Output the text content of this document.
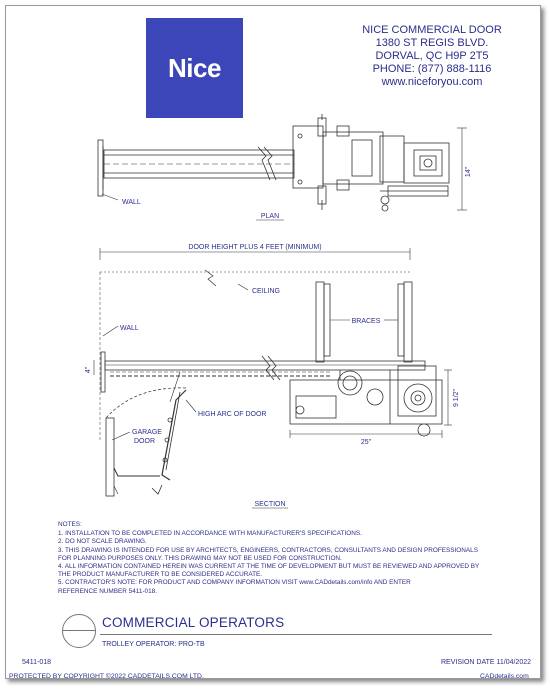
Nice
NICE COMMERCIAL DOOR
1380 ST REGIS BLVD.
DORVAL, QC H9P 2T5
PHONE: (877) 888-1116
www.niceforyou.com
PLAN
WALL
14"
DOOR HEIGHT PLUS 4 FEET (MINIMUM)
CEILING
BRACES
WALL
HIGH ARC OF DOOR
GARAGE
DOOR
4"
9 1/2"
25"
SECTION
NOTES:
1. INSTALLATION TO BE COMPLETED IN ACCORDANCE WITH MANUFACTURER'S SPECIFICATIONS.
2. DO NOT SCALE DRAWING.
3. THIS DRAWING IS INTENDED FOR USE BY ARCHITECTS, ENGINEERS, CONTRACTORS, CONSULTANTS AND DESIGN PROFESSIONALS
FOR PLANNING PURPOSES ONLY. THIS DRAWING MAY NOT BE USED FOR CONSTRUCTION.
4. ALL INFORMATION CONTAINED HEREIN WAS CURRENT AT THE TIME OF DEVELOPMENT BUT MUST BE REVIEWED AND APPROVED BY
THE PRODUCT MANUFACTURER TO BE CONSIDERED ACCURATE.
5. CONTRACTOR'S NOTE: FOR PRODUCT AND COMPANY INFORMATION VISIT www.CADdetails.com/info AND ENTER
REFERENCE NUMBER 5411-018.
COMMERCIAL OPERATORS
TROLLEY OPERATOR: PRO-TB
5411-018	REVISION DATE 11/04/2022
PROTECTED BY COPYRIGHT ©2022 CADDETAILS.COM LTD.	CADdetails.com
